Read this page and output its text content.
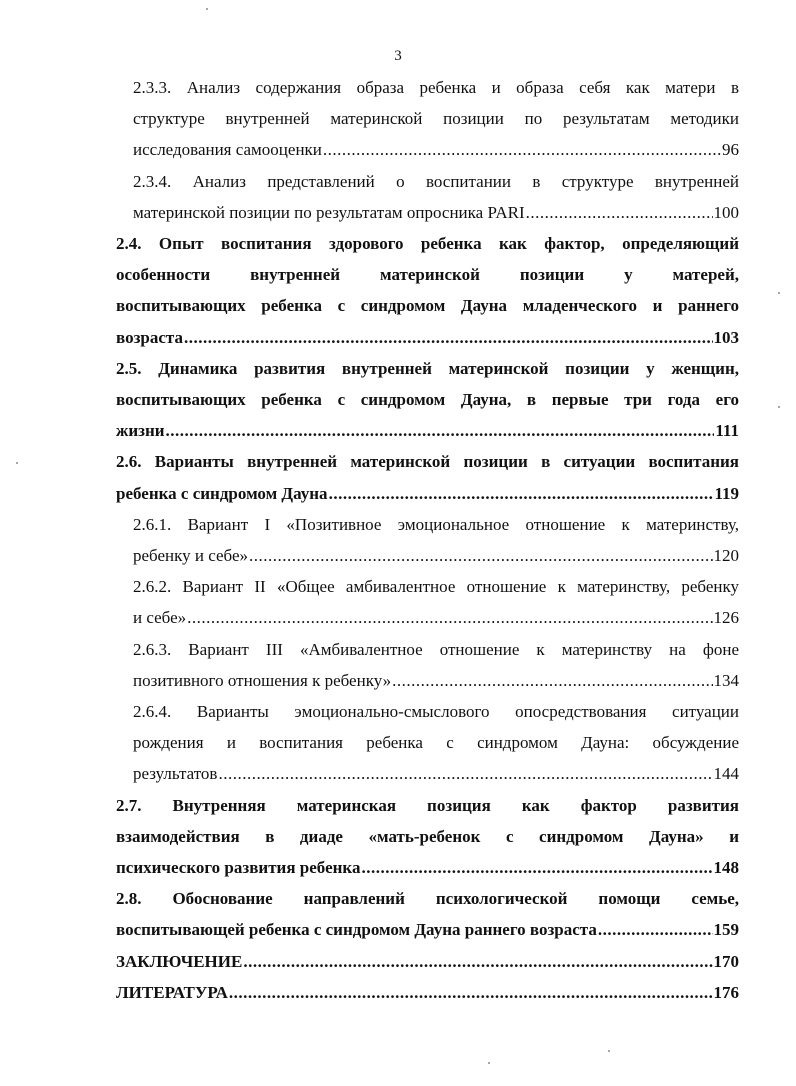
3
2.3.3. Анализ содержания образа ребенка и образа себя как матери в
структуре внутренней материнской позиции по результатам методики
исследования самооценки .....	96
2.3.4. Анализ представлений о воспитании в структуре внутренней
материнской позиции по результатам опросника PARI .....	100
2.4. Опыт воспитания здорового ребенка как фактор, определяющий
особенности внутренней материнской позиции у матерей,
воспитывающих ребенка с синдромом Дауна младенческого и раннего
возраста .....	103
2.5. Динамика развития внутренней материнской позиции у женщин,
воспитывающих ребенка с синдромом Дауна, в первые три года его
жизни .....	111
2.6. Варианты внутренней материнской позиции в ситуации воспитания
ребенка с синдромом Дауна .....	119
2.6.1. Вариант I «Позитивное эмоциональное отношение к материнству,
ребенку и себе» .....	120
2.6.2. Вариант II «Общее амбивалентное отношение к материнству, ребенку
и себе» .....	126
2.6.3. Вариант III «Амбивалентное отношение к материнству на фоне
позитивного отношения к ребенку» .....	134
2.6.4. Варианты эмоционально-смыслового опосредствования ситуации
рождения и воспитания ребенка с синдромом Дауна: обсуждение
результатов .....	144
2.7. Внутренняя материнская позиция как фактор развития
взаимодействия в диаде «мать-ребенок с синдромом Дауна» и
психического развития ребенка .....	148
2.8. Обоснование направлений психологической помощи семье,
воспитывающей ребенка с синдромом Дауна раннего возраста .....	159
ЗАКЛЮЧЕНИЕ .....	170
ЛИТЕРАТУРА .....	176
